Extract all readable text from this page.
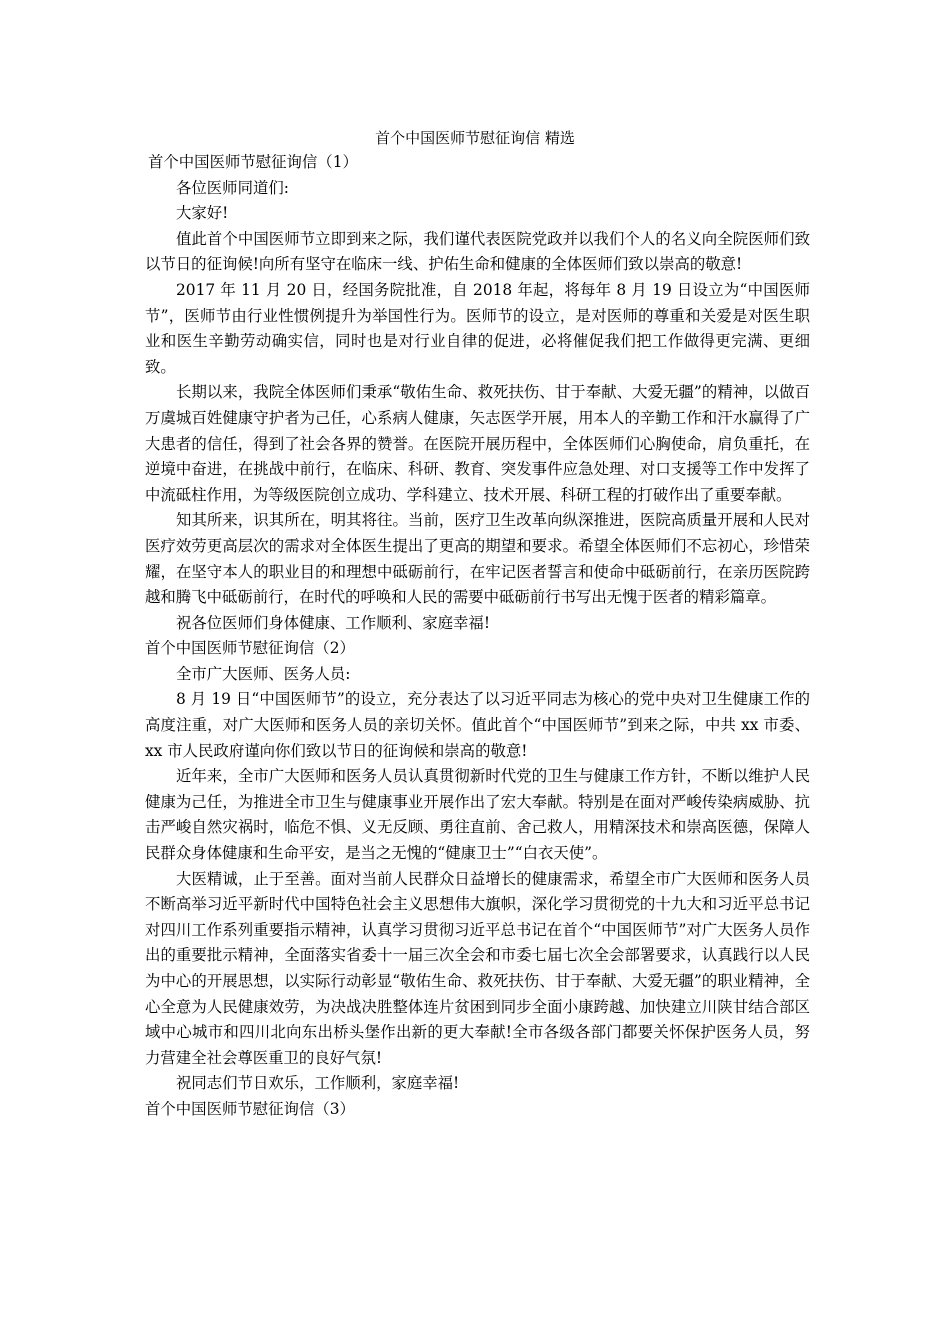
首个中国医师节慰征询信 精选

首个中国医师节慰征询信（1）

各位医师同道们:

大家好!

值此首个中国医师节立即到来之际，我们谨代表医院党政并以我们个人的名义向全院医师们致以节日的征询候!向所有坚守在临床一线、护佑生命和健康的全体医师们致以崇高的敬意!

2017 年 11 月 20 日，经国务院批准，自 2018 年起，将每年 8 月 19 日设立为“中国医师节”，医师节由行业性惯例提升为举国性行为。医师节的设立，是对医师的尊重和关爱是对医生职业和医生辛勤劳动确实信，同时也是对行业自律的促进，必将催促我们把工作做得更完满、更细致。

长期以来，我院全体医师们秉承“敬佑生命、救死扶伤、甘于奉献、大爱无疆”的精神，以做百万虞城百姓健康守护者为己任，心系病人健康，矢志医学开展，用本人的辛勤工作和汗水赢得了广大患者的信任，得到了社会各界的赞誉。在医院开展历程中，全体医师们心胸使命，肩负重托，在逆境中奋进，在挑战中前行，在临床、科研、教育、突发事件应急处理、对口支援等工作中发挥了中流砥柱作用，为等级医院创立成功、学科建立、技术开展、科研工程的打破作出了重要奉献。

知其所来，识其所在，明其将往。当前，医疗卫生改革向纵深推进，医院高质量开展和人民对医疗效劳更高层次的需求对全体医生提出了更高的期望和要求。希望全体医师们不忘初心，珍惜荣耀，在坚守本人的职业目的和理想中砥砺前行，在牢记医者誓言和使命中砥砺前行，在亲历医院跨越和腾飞中砥砺前行，在时代的呼唤和人民的需要中砥砺前行书写出无愧于医者的精彩篇章。

祝各位医师们身体健康、工作顺利、家庭幸福!

首个中国医师节慰征询信（2）

全市广大医师、医务人员:

8 月 19 日“中国医师节”的设立，充分表达了以习近平同志为核心的党中央对卫生健康工作的高度注重，对广大医师和医务人员的亲切关怀。值此首个“中国医师节”到来之际，中共 xx 市委、xx 市人民政府谨向你们致以节日的征询候和崇高的敬意!

近年来，全市广大医师和医务人员认真贯彻新时代党的卫生与健康工作方针，不断以维护人民健康为己任，为推进全市卫生与健康事业开展作出了宏大奉献。特别是在面对严峻传染病威胁、抗击严峻自然灾祸时，临危不惧、义无反顾、勇往直前、舍己救人，用精深技术和崇高医德，保障人民群众身体健康和生命平安，是当之无愧的“健康卫士”“白衣天使”。

大医精诚，止于至善。面对当前人民群众日益增长的健康需求，希望全市广大医师和医务人员不断高举习近平新时代中国特色社会主义思想伟大旗帜，深化学习贯彻党的十九大和习近平总书记对四川工作系列重要指示精神，认真学习贯彻习近平总书记在首个“中国医师节”对广大医务人员作出的重要批示精神，全面落实省委十一届三次全会和市委七届七次全会部署要求，认真践行以人民为中心的开展思想，以实际行动彰显“敬佑生命、救死扶伤、甘于奉献、大爱无疆”的职业精神，全心全意为人民健康效劳，为决战决胜整体连片贫困到同步全面小康跨越、加快建立川陕甘结合部区域中心城市和四川北向东出桥头堡作出新的更大奉献!全市各级各部门都要关怀保护医务人员，努力营建全社会尊医重卫的良好气氛!

祝同志们节日欢乐，工作顺利，家庭幸福!

首个中国医师节慰征询信（3）
